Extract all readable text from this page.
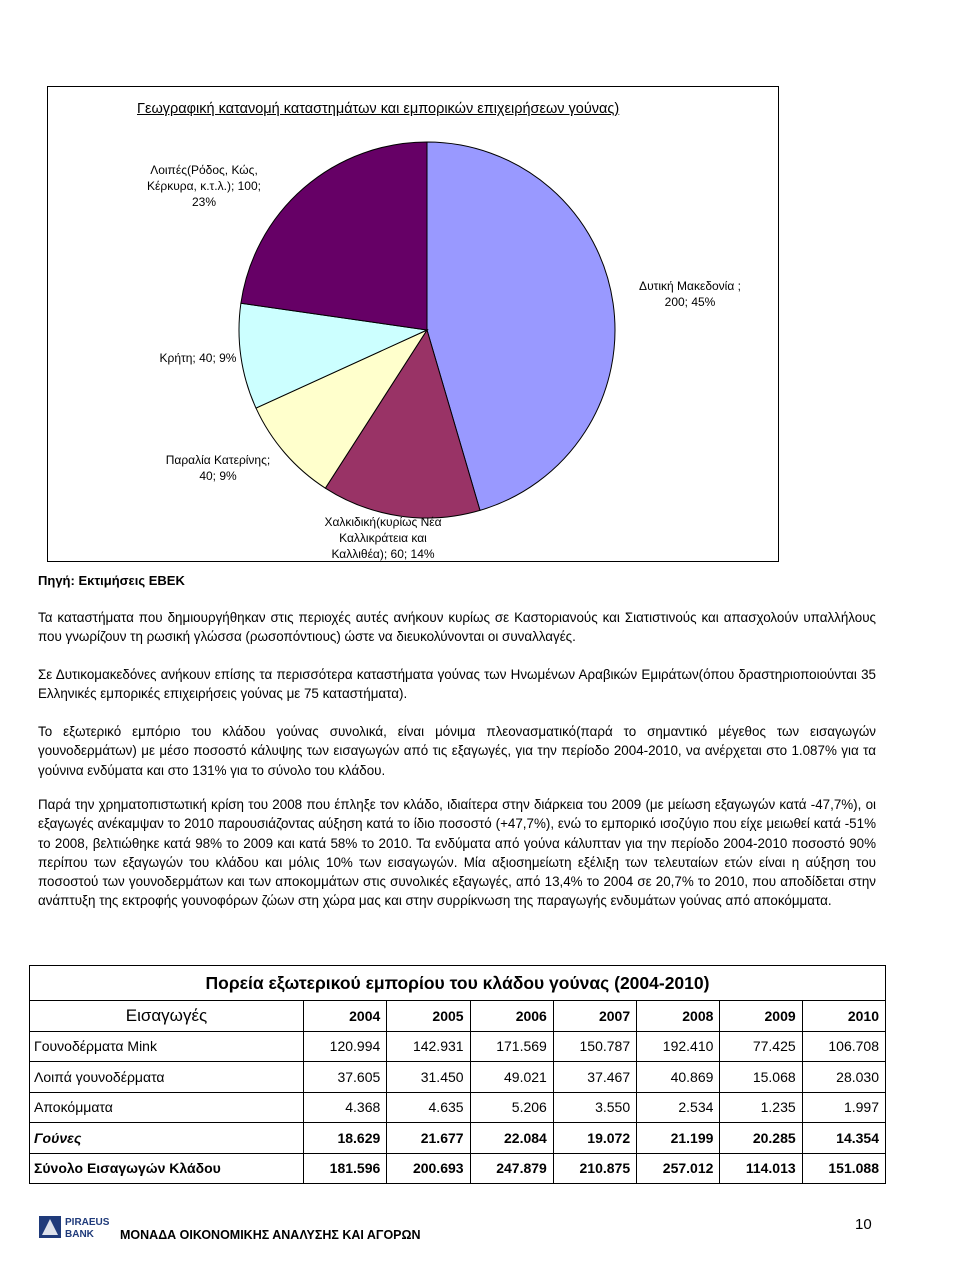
Γεωγραφική κατανομή καταστημάτων και εμπορικών επιχειρήσεων γούνας)
Λοιπές(Ρόδος, Κώς,
Κέρκυρα, κ.τ.λ.); 100;
23%
Δυτική Μακεδονία ;
200; 45%
Κρήτη; 40; 9%
Παραλία Κατερίνης;
40; 9%
Χαλκιδική(κυρίως Νέα
Καλλικράτεια και
Καλλιθέα); 60; 14%
Πηγή: Εκτιμήσεις ΕΒΕΚ
Τα καταστήματα που δημιουργήθηκαν στις περιοχές αυτές ανήκουν κυρίως σε Καστοριανούς και Σιατιστινούς και απασχολούν υπαλλήλους που γνωρίζουν τη ρωσική γλώσσα (ρωσοπόντιους) ώστε να διευκολύνονται οι συναλλαγές.
Σε Δυτικομακεδόνες ανήκουν επίσης τα περισσότερα καταστήματα γούνας των Ηνωμένων Αραβικών Εμιράτων(όπου δραστηριοποιούνται 35 Ελληνικές εμπορικές επιχειρήσεις γούνας με 75 καταστήματα).
Το εξωτερικό εμπόριο του κλάδου γούνας συνολικά, είναι μόνιμα πλεονασματικό(παρά το σημαντικό μέγεθος των εισαγωγών γουνοδερμάτων) με μέσο ποσοστό κάλυψης των εισαγωγών από τις εξαγωγές, για την περίοδο 2004-2010, να ανέρχεται στο 1.087% για τα γούνινα ενδύματα και στο 131% για το σύνολο του κλάδου.
Παρά την χρηματοπιστωτική κρίση του 2008 που έπληξε τον κλάδο, ιδιαίτερα στην διάρκεια του 2009 (με μείωση εξαγωγών κατά -47,7%), οι εξαγωγές ανέκαμψαν το 2010 παρουσιάζοντας αύξηση κατά το ίδιο ποσοστό (+47,7%), ενώ το εμπορικό ισοζύγιο που είχε μειωθεί κατά -51% το 2008, βελτιώθηκε κατά 98% το 2009 και κατά 58% το 2010. Τα ενδύματα από γούνα κάλυπταν για την περίοδο 2004-2010 ποσοστό 90% περίπου των εξαγωγών του κλάδου και μόλις 10% των εισαγωγών. Μία αξιοσημείωτη εξέλιξη των τελευταίων ετών είναι η αύξηση του ποσοστού των γουνοδερμάτων και των αποκομμάτων στις συνολικές εξαγωγές, από 13,4% το 2004 σε 20,7% το 2010, που αποδίδεται στην ανάπτυξη της εκτροφής γουνοφόρων ζώων στη χώρα μας και στην συρρίκνωση της παραγωγής ενδυμάτων γούνας από αποκόμματα.
Πορεία εξωτερικού εμπορίου του κλάδου γούνας (2004-2010)							
Εισαγωγές	2004	2005	2006	2007	2008	2009	2010
Γουνοδέρματα Mink	120.994	142.931	171.569	150.787	192.410	77.425	106.708
Λοιπά γουνοδέρματα	37.605	31.450	49.021	37.467	40.869	15.068	28.030
Αποκόμματα	4.368	4.635	5.206	3.550	2.534	1.235	1.997
Γούνες	18.629	21.677	22.084	19.072	21.199	20.285	14.354
Σύνολο Εισαγωγών Κλάδου	181.596	200.693	247.879	210.875	257.012	114.013	151.088
PIRAEUS
BANK ΜΟΝΑΔΑ ΟΙΚΟΝΟΜΙΚΗΣ ΑΝΑΛΥΣΗΣ ΚΑΙ ΑΓΟΡΩΝ
10
